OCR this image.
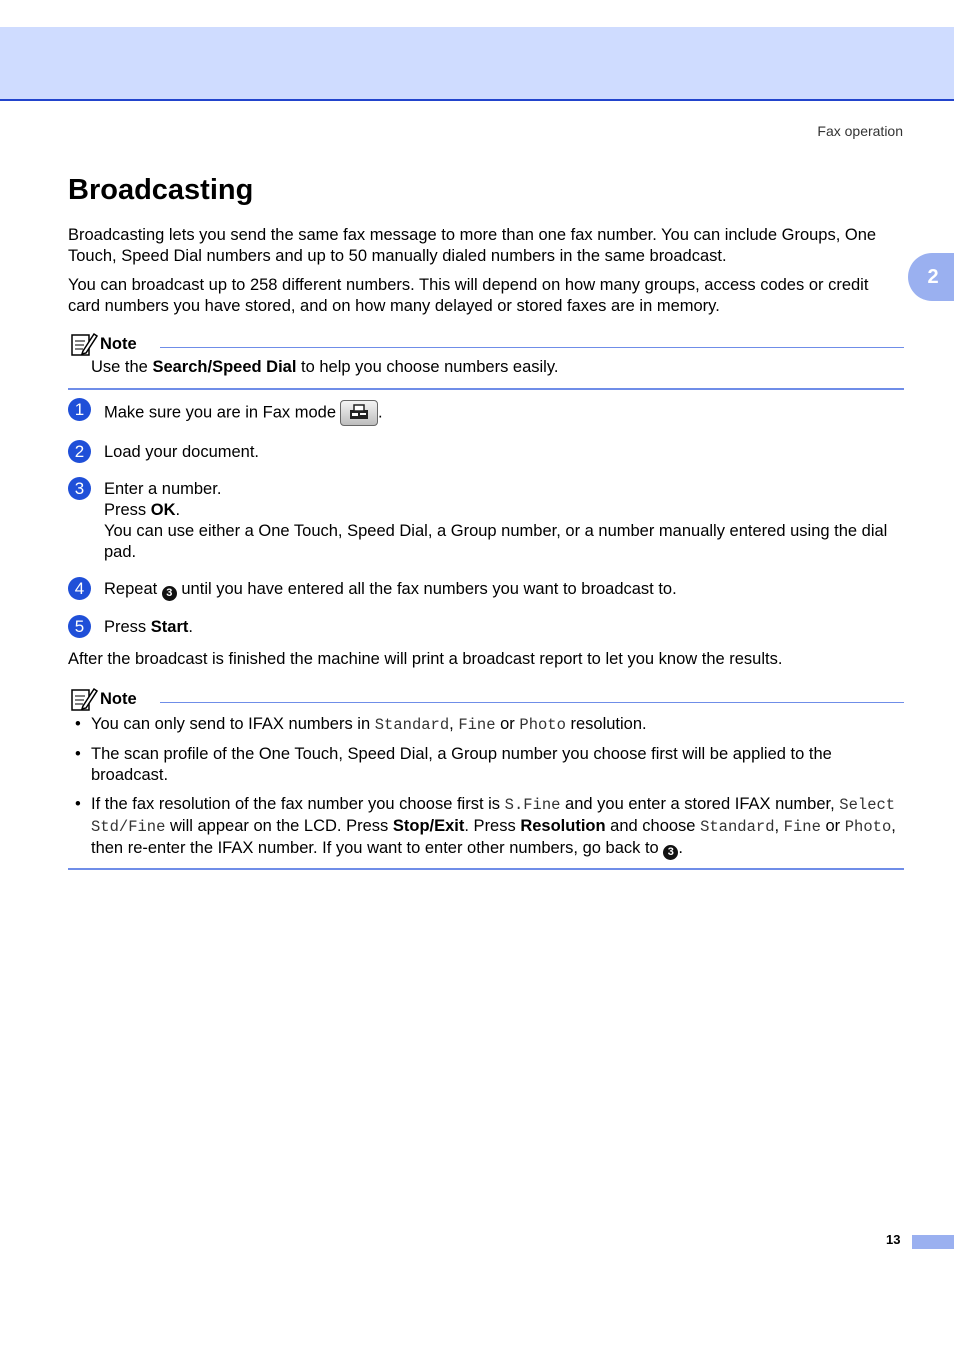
Fax operation
2
Broadcasting

Broadcasting lets you send the same fax message to more than one fax number. You can include Groups, One Touch, Speed Dial numbers and up to 50 manually dialed numbers in the same broadcast.

You can broadcast up to 258 different numbers. This will depend on how many groups, access codes or credit card numbers you have stored, and on how many delayed or stored faxes are in memory.

Note
Use the Search/Speed Dial to help you choose numbers easily.
1	Make sure you are in Fax mode	.
2	Load your document.
3	Enter a number.
Press OK.
You can use either a One Touch, Speed Dial, a Group number, or a number manually entered using the dial pad.
4	Repeat 3 until you have entered all the fax numbers you want to broadcast to.
5	Press Start.

After the broadcast is finished the machine will print a broadcast report to let you know the results.

Note
• You can only send to IFAX numbers in Standard, Fine or Photo resolution.
• The scan profile of the One Touch, Speed Dial, a Group number you choose first will be applied to the broadcast.
• If the fax resolution of the fax number you choose first is S.Fine and you enter a stored IFAX number, Select Std/Fine will appear on the LCD. Press Stop/Exit. Press Resolution and choose Standard, Fine or Photo, then re-enter the IFAX number. If you want to enter other numbers, go back to 3 .
13
